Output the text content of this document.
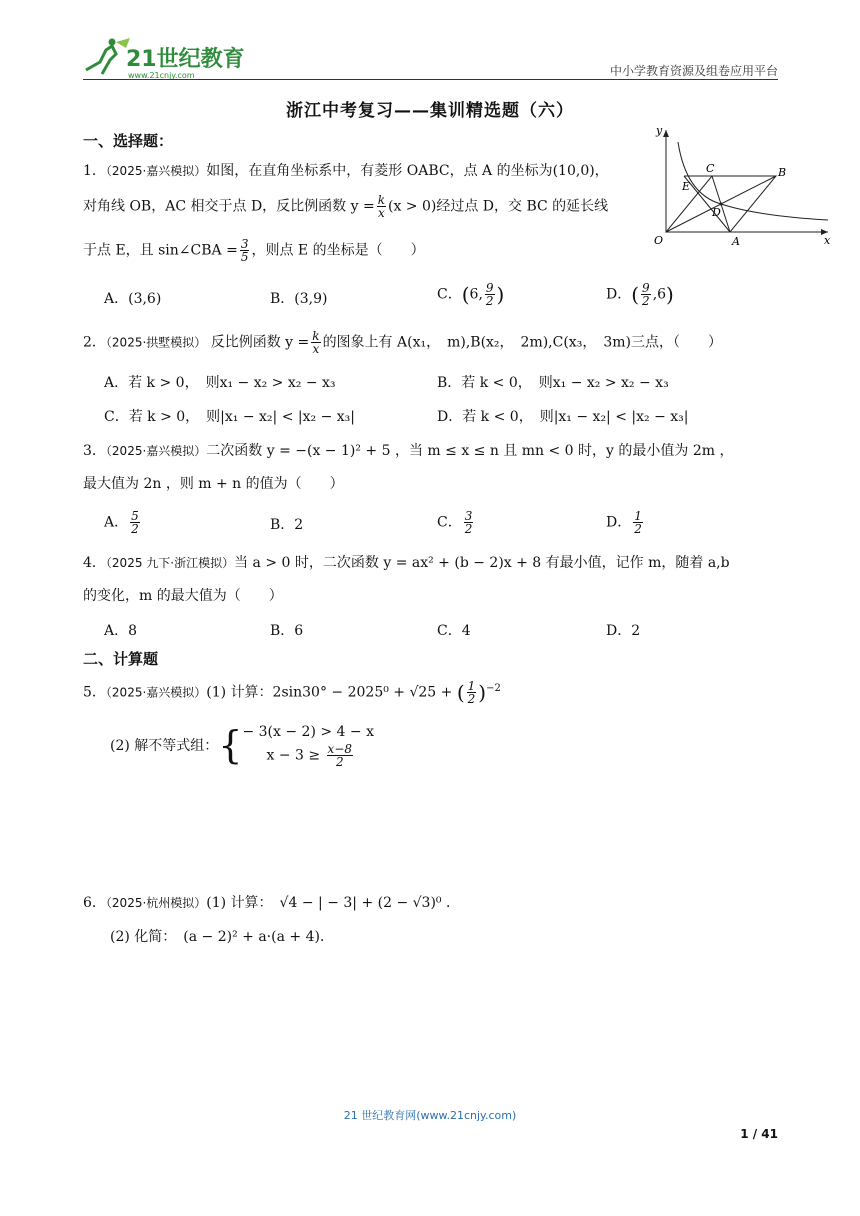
21世纪教育
www.21cnjy.com	中小学教育资源及组卷应用平台
浙江中考复习——集训精选题（六）
一、选择题：
1．（2025·嘉兴模拟）如图，在直角坐标系中，有菱形 OABC，点 A 的坐标为(10,0)，
对角线 OB，AC 相交于点 D，反比例函数 $y = \frac{k}{x} (x > 0)$经过点 D，交 BC 的延长线
于点 E，且 sin∠CBA = $\frac{3}{5}$ ，则点 E 的坐标是（　　）
y
x
O	A
B
C
D
E
A．(3,6)	B．(3,9)	C．(6, $\frac{9}{2}$ )	D．( $\frac{9}{2} ,6$)
2．（2025·拱墅模拟） 反比例函数 $y = \frac{k}{x}$ 的图象上有 A(x₁，　m),B(x₂，　2m),C(x₃，　3m)三点，（　　）
A．若 k > 0，　则x₁ − x₂ > x₂ − x₃	B．若 k < 0，　则x₁ − x₂ > x₂ − x₃
C．若 k > 0，　则|x₁ − x₂| < |x₂ − x₃|	D．若 k < 0，　则|x₁ − x₂| < |x₂ − x₃|
3．（2025·嘉兴模拟）二次函数 y = −(x − 1)² + 5 ，当 m ≤ x ≤ n 且 mn < 0 时，y 的最小值为 2m ，
最大值为 2n ，则 m + n 的值为（　　）
A． $\frac{5}{2}$	B．2	C． $\frac{3}{2}$	D． $\frac{1}{2}$
4．（2025 九下·浙江模拟）当 a > 0 时，二次函数 y = ax² + (b − 2)x + 8 有最小值，记作 m，随着 a,b
的变化，m 的最大值为（　　）
A．8	B．6	C．4	D．2
二、计算题
5．（2025·嘉兴模拟）(1) 计算：2sin30° − 2025⁰ + √25 + ( $\frac{1}{2} )^{-2}$
(2) 解不等式组：{ − 3(x − 2) > 4 − x
$x - 3 \ge \frac{x-8}{2}$
6．（2025·杭州模拟）(1) 计算：　√4 − | − 3| + (2 − √3)⁰ ．
(2) 化简：　(a − 2)² + a·(a + 4)．
21 世纪教育网(www.21cnjy.com)
1 / 41
